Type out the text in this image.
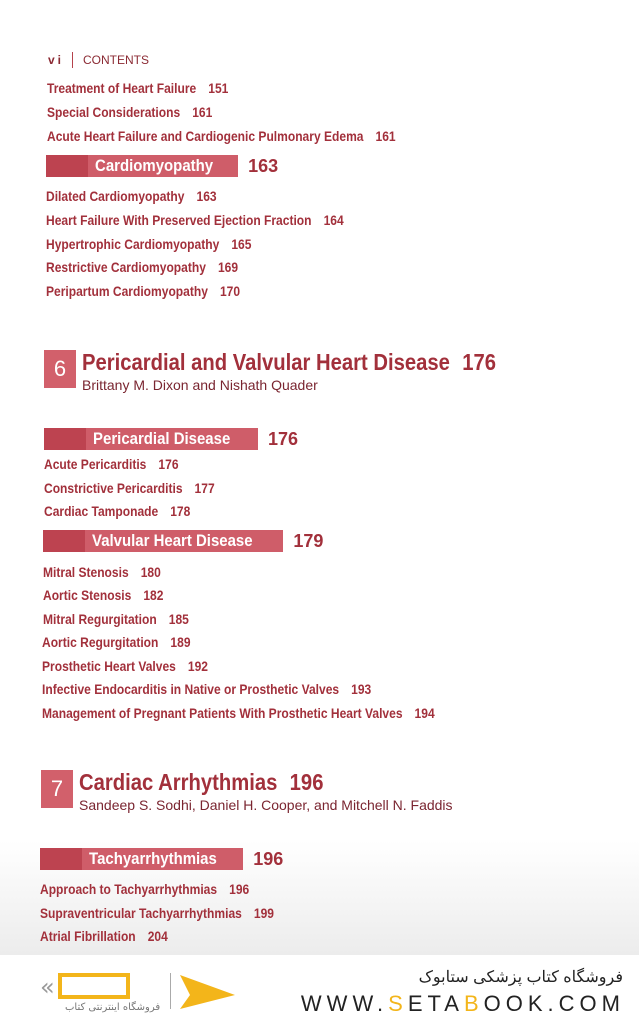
vi CONTENTS
Treatment of Heart Failure 151
Special Considerations 161
Acute Heart Failure and Cardiogenic Pulmonary Edema 161
Cardiomyopathy	163
Dilated Cardiomyopathy 163
Heart Failure With Preserved Ejection Fraction 164
Hypertrophic Cardiomyopathy 165
Restrictive Cardiomyopathy 169
Peripartum Cardiomyopathy 170
6 Pericardial and Valvular Heart Disease 176
Brittany M. Dixon and Nishath Quader
Pericardial Disease	176
Acute Pericarditis 176
Constrictive Pericarditis 177
Cardiac Tamponade 178
Valvular Heart Disease	179
Mitral Stenosis 180
Aortic Stenosis 182
Mitral Regurgitation 185
Aortic Regurgitation 189
Prosthetic Heart Valves 192
Infective Endocarditis in Native or Prosthetic Valves 193
Management of Pregnant Patients With Prosthetic Heart Valves 194
7 Cardiac Arrhythmias 196
Sandeep S. Sodhi, Daniel H. Cooper, and Mitchell N. Faddis
Tachyarrhythmias	196
Approach to Tachyarrhythmias 196
Supraventricular Tachyarrhythmias 199
Atrial Fibrillation 204
«
فروشگاه اینترنتی کتاب
فروشگاه کتاب پزشکی ستابوک
WWW.SETABOOK.COM
